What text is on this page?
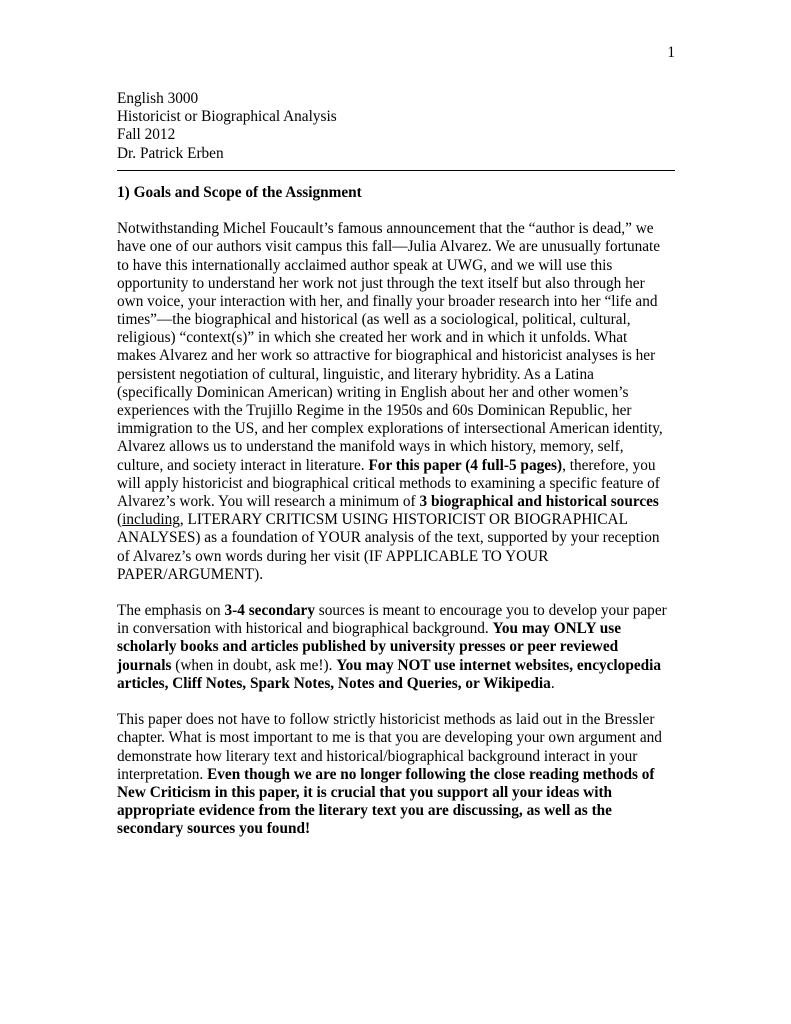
1
English 3000
Historicist or Biographical Analysis
Fall 2012
Dr. Patrick Erben
1) Goals and Scope of the Assignment
Notwithstanding Michel Foucault’s famous announcement that the “author is dead,” we
have one of our authors visit campus this fall—Julia Alvarez. We are unusually fortunate
to have this internationally acclaimed author speak at UWG, and we will use this
opportunity to understand her work not just through the text itself but also through her
own voice, your interaction with her, and finally your broader research into her “life and
times”—the biographical and historical (as well as a sociological, political, cultural,
religious) “context(s)” in which she created her work and in which it unfolds. What
makes Alvarez and her work so attractive for biographical and historicist analyses is her
persistent negotiation of cultural, linguistic, and literary hybridity. As a Latina
(specifically Dominican American) writing in English about her and other women’s
experiences with the Trujillo Regime in the 1950s and 60s Dominican Republic, her
immigration to the US, and her complex explorations of intersectional American identity,
Alvarez allows us to understand the manifold ways in which history, memory, self,
culture, and society interact in literature. For this paper (4 full-5 pages), therefore, you
will apply historicist and biographical critical methods to examining a specific feature of
Alvarez’s work. You will research a minimum of 3 biographical and historical sources
(including, LITERARY CRITICSM USING HISTORICIST OR BIOGRAPHICAL
ANALYSES) as a foundation of YOUR analysis of the text, supported by your reception
of Alvarez’s own words during her visit (IF APPLICABLE TO YOUR
PAPER/ARGUMENT).
The emphasis on 3-4 secondary sources is meant to encourage you to develop your paper
in conversation with historical and biographical background. You may ONLY use
scholarly books and articles published by university presses or peer reviewed
journals (when in doubt, ask me!). You may NOT use internet websites, encyclopedia
articles, Cliff Notes, Spark Notes, Notes and Queries, or Wikipedia.
This paper does not have to follow strictly historicist methods as laid out in the Bressler
chapter. What is most important to me is that you are developing your own argument and
demonstrate how literary text and historical/biographical background interact in your
interpretation. Even though we are no longer following the close reading methods of
New Criticism in this paper, it is crucial that you support all your ideas with
appropriate evidence from the literary text you are discussing, as well as the
secondary sources you found!
